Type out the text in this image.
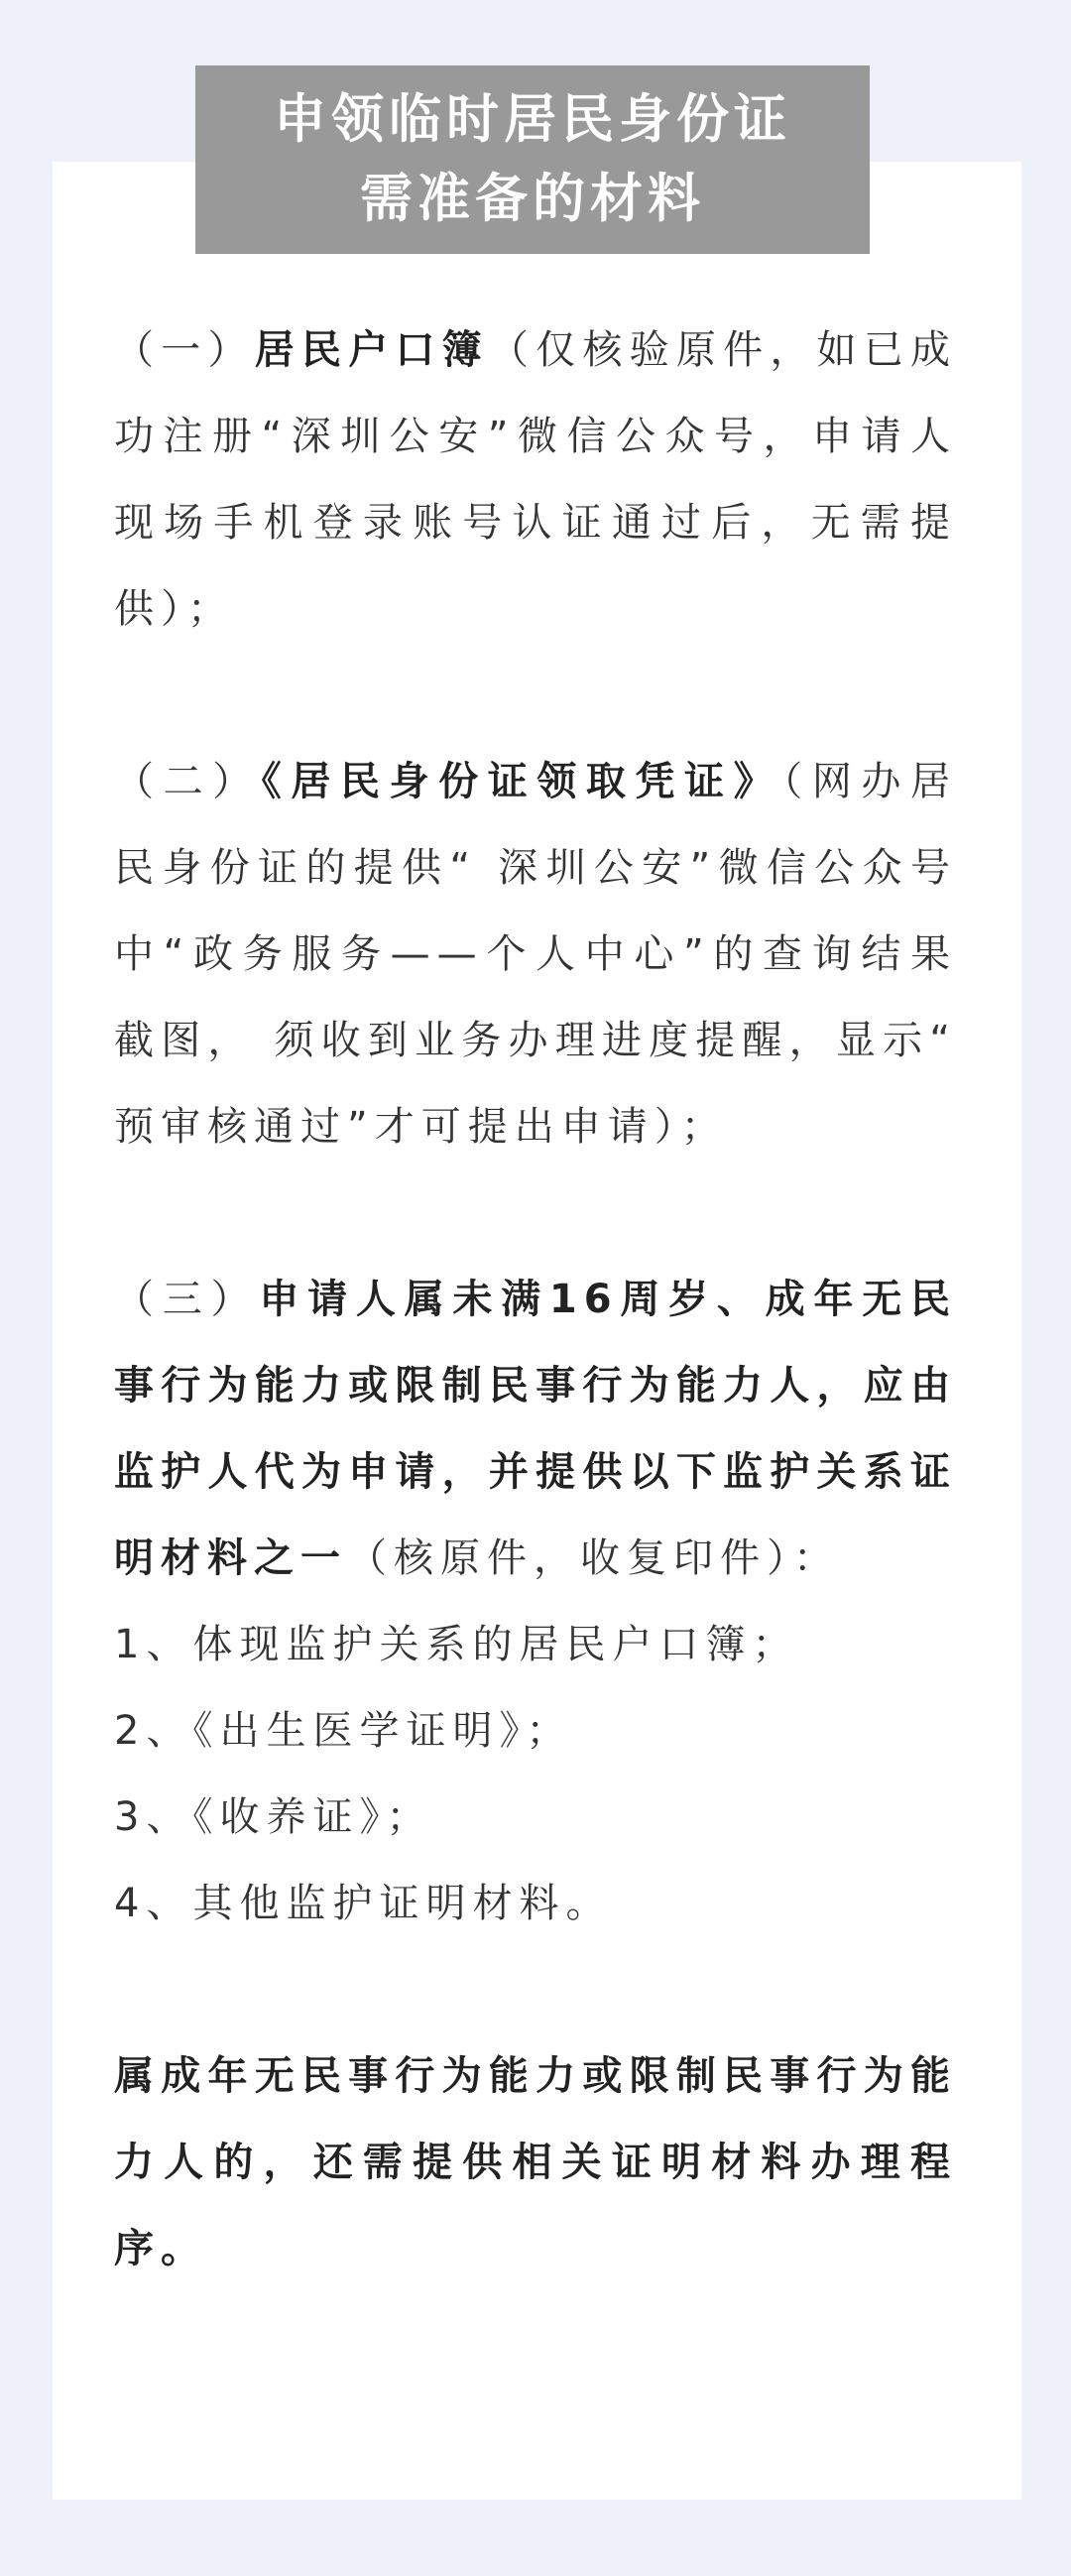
申领临时居民身份证
需准备的材料

（一）居民户口簿（仅核验原件，如已成功注册“深圳公安”微信公众号，申请人现场手机登录账号认证通过后，无需提供）；

（二）《居民身份证领取凭证》（网办居民身份证的提供“ 深圳公安”微信公众号中“政务服务——个人中心”的查询结果截图， 须收到业务办理进度提醒，显示“ 预审核通过”才可提出申请）；

（三）申请人属未满16周岁、成年无民事行为能力或限制民事行为能力人，应由监护人代为申请，并提供以下监护关系证明材料之一（核原件，收复印件）：

1、体现监护关系的居民户口簿；

2、《出生医学证明》；

3、《收养证》；

4、其他监护证明材料。

属成年无民事行为能力或限制民事行为能力人的，还需提供相关证明材料办理程序。
